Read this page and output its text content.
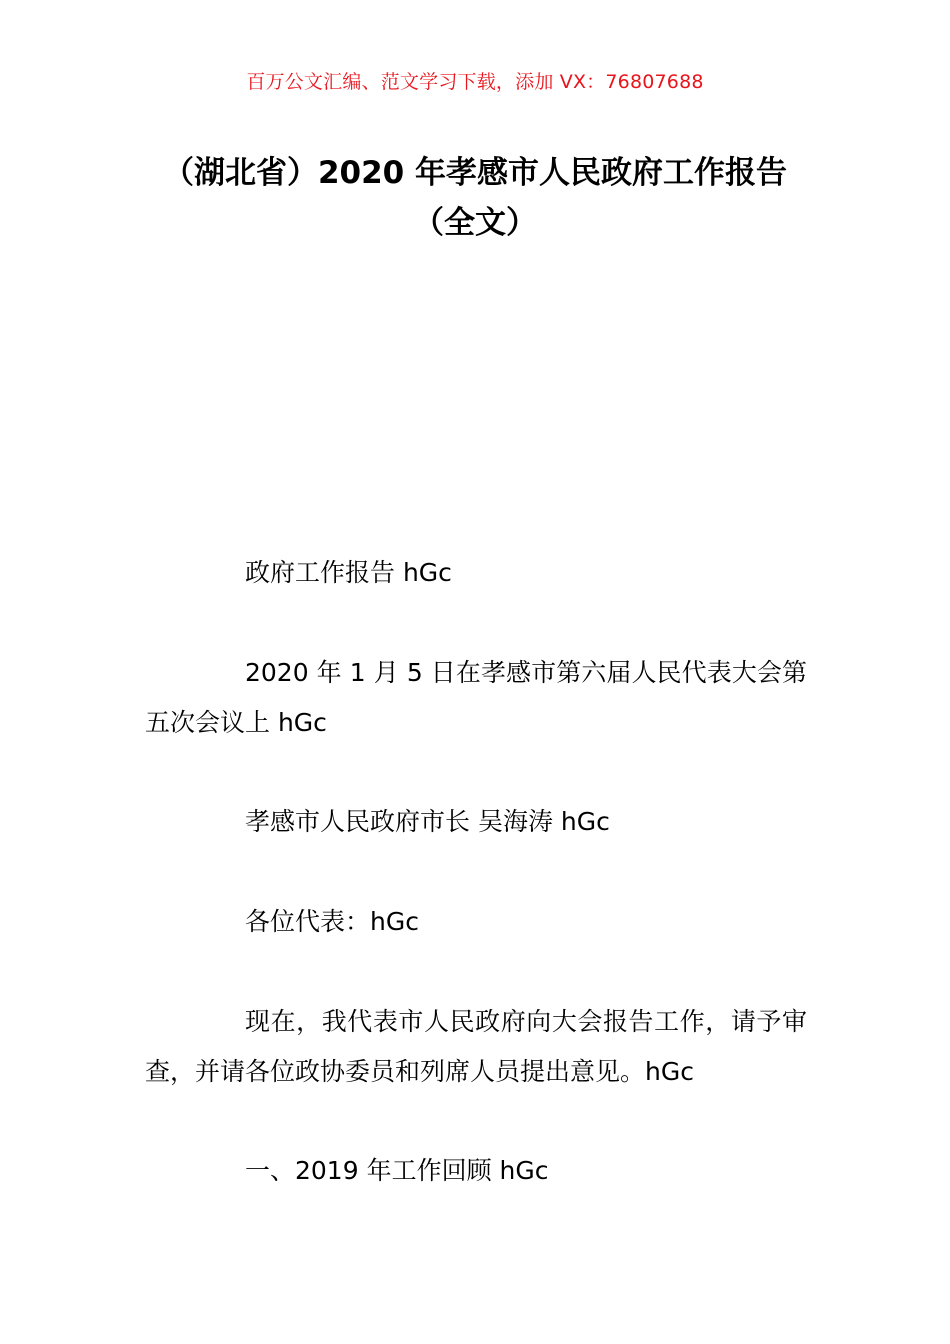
百万公文汇编、范文学习下载，添加 VX：76807688
（湖北省）2020 年孝感市人民政府工作报告（全文）

政府工作报告 hGc

2020 年 1 月 5 日在孝感市第六届人民代表大会第五次会议上 hGc

孝感市人民政府市长 吴海涛 hGc

各位代表：hGc

现在，我代表市人民政府向大会报告工作，请予审查，并请各位政协委员和列席人员提出意见。hGc

一、2019 年工作回顾 hGc
